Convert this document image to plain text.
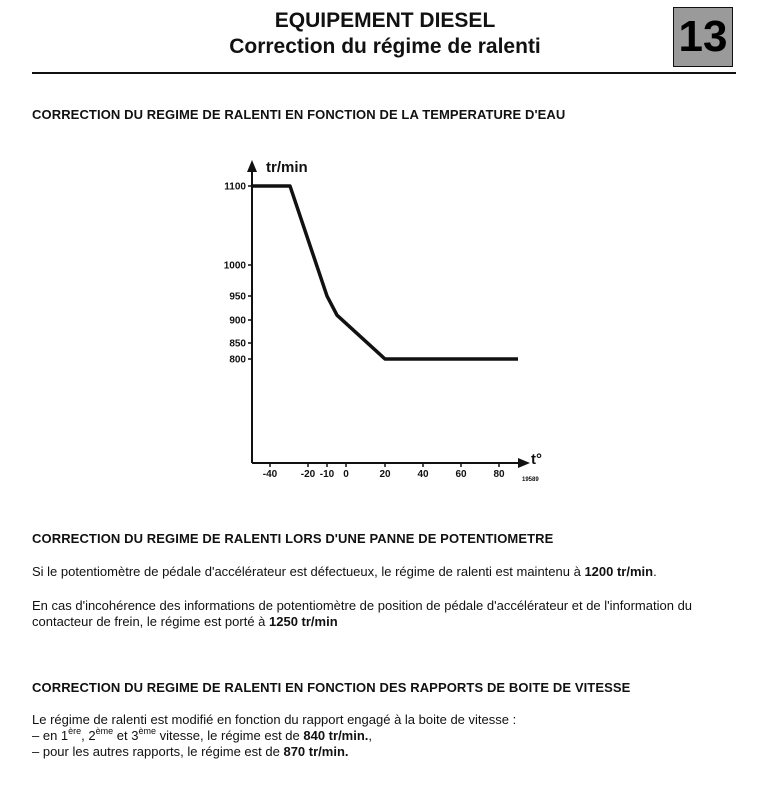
EQUIPEMENT DIESEL
Correction du régime de ralenti	13
CORRECTION DU REGIME DE RALENTI EN FONCTION DE LA TEMPERATURE D'EAU
1100
1000
950
900
850
800
-40 -20 -10 0	20	40	60	80
tr/min
t°
19589
CORRECTION DU REGIME DE RALENTI LORS D'UNE PANNE DE POTENTIOMETRE
Si le potentiomètre de pédale d'accélérateur est défectueux, le régime de ralenti est maintenu à 1200 tr/min.
En cas d'incohérence des informations de potentiomètre de position de pédale d'accélérateur et de l'information du contacteur de frein, le régime est porté à 1250 tr/min
CORRECTION DU REGIME DE RALENTI EN FONCTION DES RAPPORTS DE BOITE DE VITESSE
Le régime de ralenti est modifié en fonction du rapport engagé à la boite de vitesse :
– en 1ère, 2ème et 3ème vitesse, le régime est de 840 tr/min.,
– pour les autres rapports, le régime est de 870 tr/min.
